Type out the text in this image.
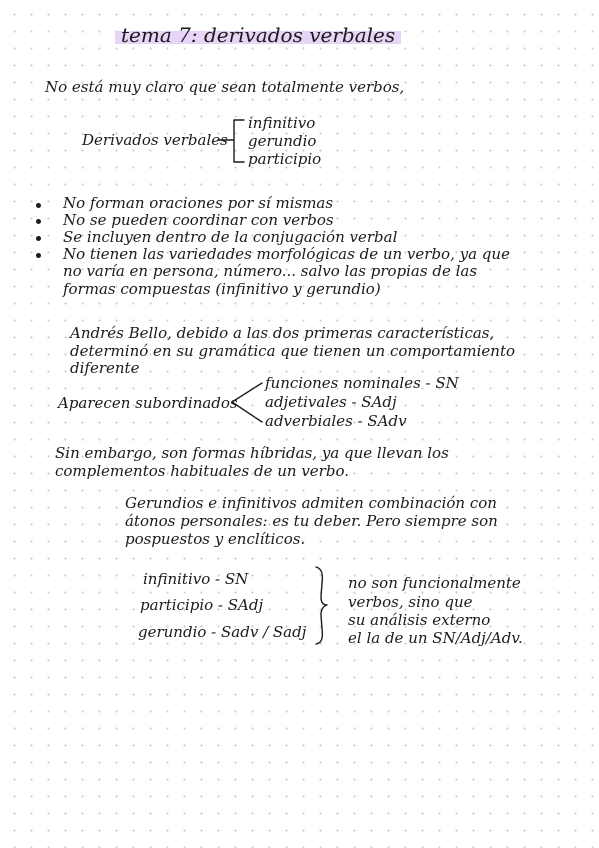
tema 7: derivados verbales
No está muy claro que sean totalmente verbos,
Derivados verbales
infinitivo
gerundio
participio
No forman oraciones por sí mismas
No se pueden coordinar con verbos
Se incluyen dentro de la conjugación verbal
No tienen las variedades morfológicas de un verbo, ya que
no varía en persona, número... salvo las propias de las
formas compuestas (infinitivo y gerundio)
Andrés Bello, debido a las dos primeras características,
determinó en su gramática que tienen un comportamiento
diferente
Aparecen subordinados
funciones nominales - SN
adjetivales - SAdj
adverbiales - SAdv
Sin embargo, son formas híbridas, ya que llevan los
complementos habituales de un verbo.
Gerundios e infinitivos admiten combinación con
átonos personales: es tu deber. Pero siempre son
pospuestos y enclíticos.
infinitivo - SN
participio - SAdj
gerundio - Sadv / Sadj
no son funcionalmente
verbos, sino que
su análisis externo
el la de un SN/Adj/Adv.
